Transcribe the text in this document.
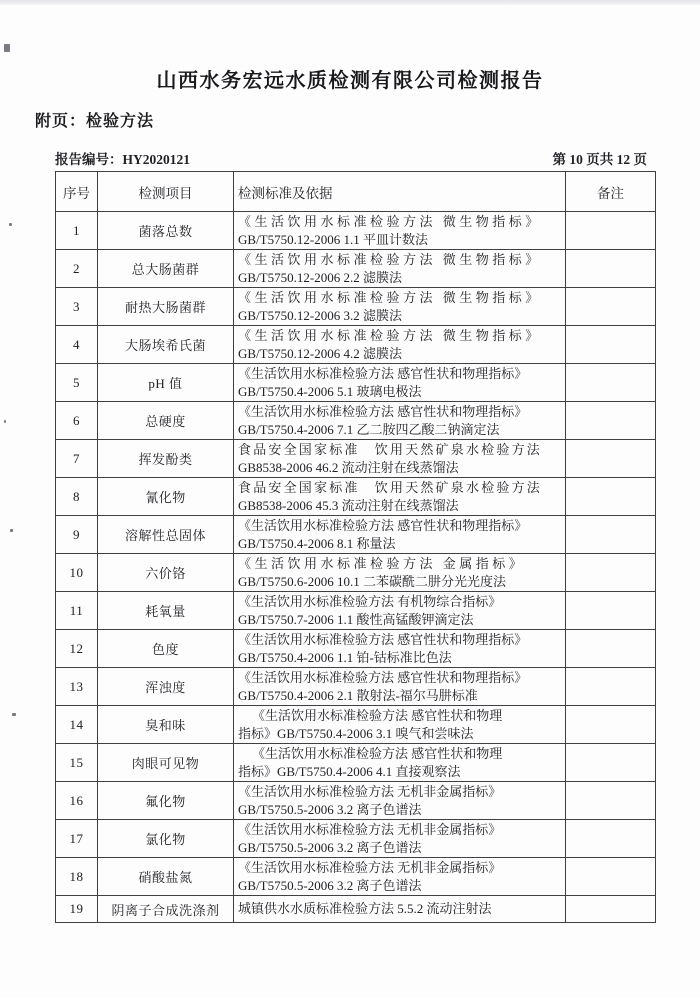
山西水务宏远水质检测有限公司检测报告
附页：检验方法
报告编号：HY2020121	第 10 页共 12 页
序号	检测项目	检测标准及依据	备注
1	菌落总数	《生活饮用水标准检验方法 微生物指标》
GB/T5750.12-2006 1.1 平皿计数法	

2	总大肠菌群	《生活饮用水标准检验方法 微生物指标》
GB/T5750.12-2006 2.2 滤膜法	

3	耐热大肠菌群	《生活饮用水标准检验方法 微生物指标》
GB/T5750.12-2006 3.2 滤膜法	

4	大肠埃希氏菌	《生活饮用水标准检验方法 微生物指标》
GB/T5750.12-2006 4.2 滤膜法	

5	pH 值	《生活饮用水标准检验方法 感官性状和物理指标》
GB/T5750.4-2006 5.1 玻璃电极法	

6	总硬度	《生活饮用水标准检验方法 感官性状和物理指标》
GB/T5750.4-2006 7.1 乙二胺四乙酸二钠滴定法	

7	挥发酚类	食品安全国家标准　饮用天然矿泉水检验方法
GB8538-2006 46.2 流动注射在线蒸馏法	

8	氰化物	食品安全国家标准　饮用天然矿泉水检验方法
GB8538-2006 45.3 流动注射在线蒸馏法	

9	溶解性总固体	《生活饮用水标准检验方法 感官性状和物理指标》
GB/T5750.4-2006 8.1 称量法	

10	六价铬	《生活饮用水标准检验方法 金属指标》
GB/T5750.6-2006 10.1 二苯碳酰二肼分光光度法	

11	耗氧量	《生活饮用水标准检验方法 有机物综合指标》
GB/T5750.7-2006 1.1 酸性高锰酸钾滴定法	

12	色度	《生活饮用水标准检验方法 感官性状和物理指标》
GB/T5750.4-2006 1.1 铂-钴标准比色法	

13	浑浊度	《生活饮用水标准检验方法 感官性状和物理指标》
GB/T5750.4-2006 2.1 散射法-福尔马肼标准	

14	臭和味	《生活饮用水标准检验方法 感官性状和物理
指标》GB/T5750.4-2006 3.1 嗅气和尝味法	

15	肉眼可见物	《生活饮用水标准检验方法 感官性状和物理
指标》GB/T5750.4-2006 4.1 直接观察法	

16	氟化物	《生活饮用水标准检验方法 无机非金属指标》
GB/T5750.5-2006 3.2 离子色谱法	

17	氯化物	《生活饮用水标准检验方法 无机非金属指标》
GB/T5750.5-2006 3.2 离子色谱法	

18	硝酸盐氮	《生活饮用水标准检验方法 无机非金属指标》
GB/T5750.5-2006 3.2 离子色谱法	

19	阴离子合成洗涤剂	城镇供水水质标准检验方法 5.5.2 流动注射法	
